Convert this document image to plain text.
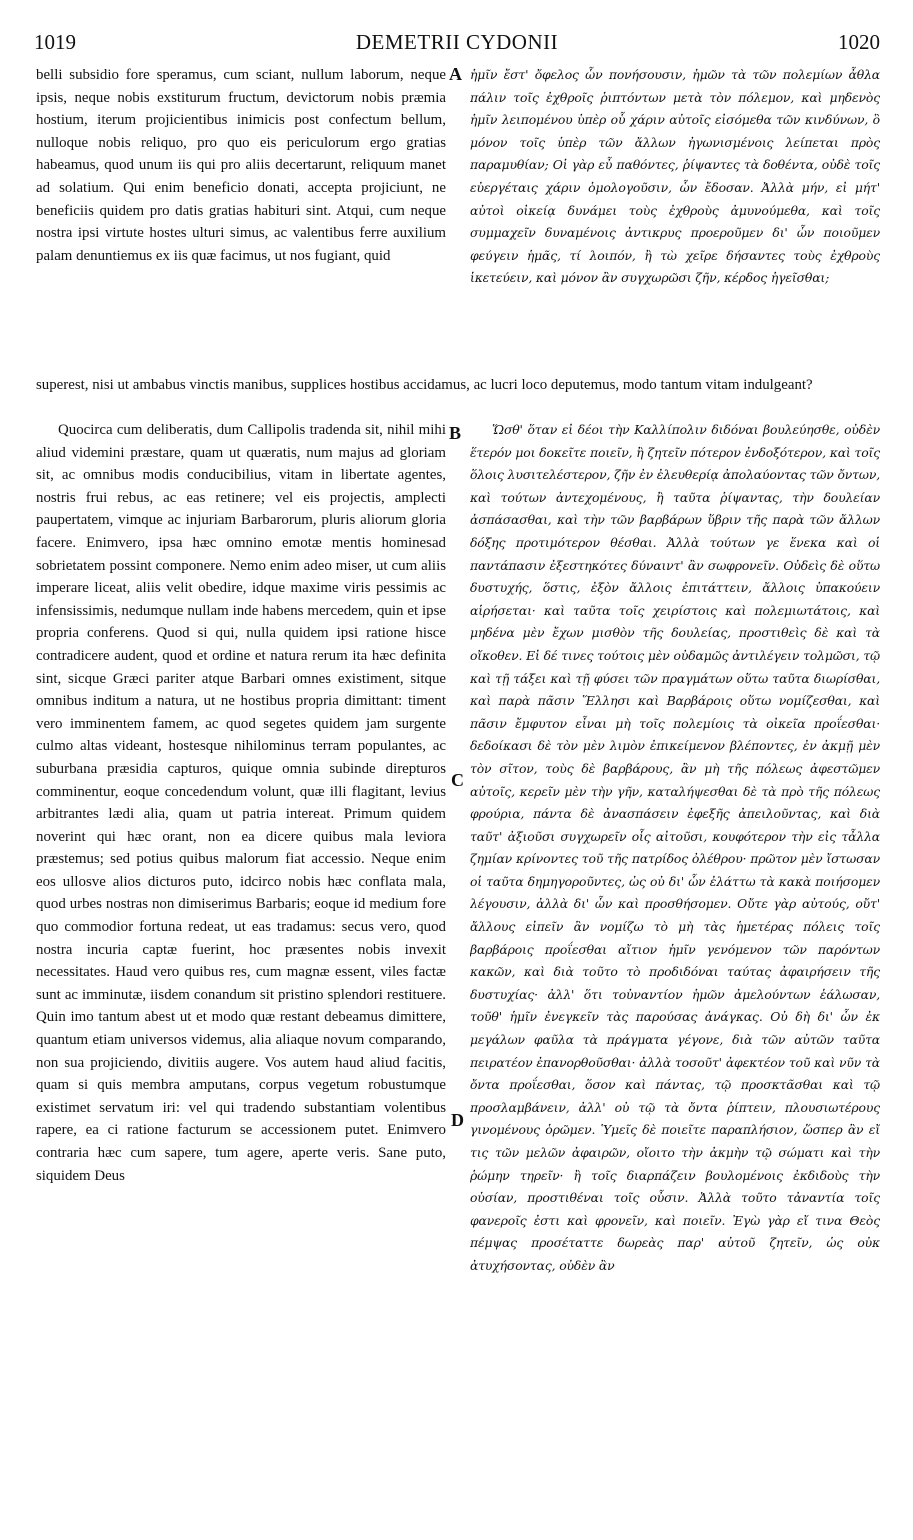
1019	DEMETRII CYDONII	1020
A
B
C
D

belli subsidio fore speramus, cum sciant, nullum laborum, neque ipsis, neque nobis exstiturum fructum, devictorum nobis præmia hostium, iterum projicientibus inimicis post confectum bellum, nulloque nobis reliquo, pro quo eis periculorum ergo gratias habeamus, quod unum iis qui pro aliis decertarunt, reliquum manet ad solatium. Qui enim beneficio donati, accepta projiciunt, ne beneficiis quidem pro datis gratias habituri sint. Atqui, cum neque nostra ipsi virtute hostes ulturi simus, ac valentibus ferre auxilium palam denuntiemus ex iis quæ facimus, ut nos fugiant, quid

ἡμῖν ἔστ' ὄφελος ὧν πονήσουσιν, ἡμῶν τὰ τῶν πολεμίων ἆθλα πάλιν τοῖς ἐχθροῖς ῥιπτόντων μετὰ τὸν πόλεμον, καὶ μηδενὸς ἡμῖν λειπομένου ὑπὲρ οὗ χάριν αὐτοῖς εἰσόμεθα τῶν κινδύνων, ὃ μόνον τοῖς ὑπὲρ τῶν ἄλλων ἠγωνισμένοις λείπεται πρὸς παραμυθίαν; Οἱ γὰρ εὖ παθόντες, ῥίψαντες τὰ δοθέντα, οὐδὲ τοῖς εὐεργέταις χάριν ὁμολογοῦσιν, ὧν ἔδοσαν. Ἀλλὰ μήν, εἰ μήτ' αὐτοὶ οἰκείᾳ δυνάμει τοὺς ἐχθροὺς ἀμυνούμεθα, καὶ τοῖς συμμαχεῖν δυναμένοις ἀντικρυς προεροῦμεν δι' ὧν ποιοῦμεν φεύγειν ἡμᾶς, τί λοιπόν, ἢ τὼ χεῖρε δήσαντες τοὺς ἐχθροὺς ἱκετεύειν, καὶ μόνον ἂν συγχωρῶσι ζῆν, κέρδος ἡγεῖσθαι;

superest, nisi ut ambabus vinctis manibus, supplices hostibus accidamus, ac lucri loco deputemus, modo tantum vitam indulgeant?

Quocirca cum deliberatis, dum Callipolis tradenda sit, nihil mihi aliud videmini præstare, quam ut quæratis, num majus ad gloriam sit, ac omnibus modis conducibilius, vitam in libertate agentes, nostris frui rebus, ac eas retinere; vel eis projectis, amplecti paupertatem, vimque ac injuriam Barbarorum, pluris aliorum gloria facere. Enimvero, ipsa hæc omnino emotæ mentis hominesad sobrietatem possint componere. Nemo enim adeo miser, ut cum aliis imperare liceat, aliis velit obedire, idque maxime viris pessimis ac infensissimis, nedumque nullam inde habens mercedem, quin et ipse propria conferens. Quod si qui, nulla quidem ipsi ratione hisce contradicere audent, quod et ordine et natura rerum ita hæc definita sint, sicque Græci pariter atque Barbari omnes existiment, sitque omnibus inditum a natura, ut ne hostibus propria dimittant: timent vero imminentem famem, ac quod segetes quidem jam surgente culmo altas videant, hostesque nihilominus terram populantes, ac suburbana præsidia capturos, quique omnia subinde direpturos comminentur, eoque concedendum volunt, quæ illi flagitant, levius arbitrantes lædi alia, quam ut patria intereat. Primum quidem noverint qui hæc orant, non ea dicere quibus mala leviora præstemus; sed potius quibus malorum fiat accessio. Neque enim eos ullosve alios dicturos puto, idcirco nobis hæc conflata mala, quod urbes nostras non dimiserimus Barbaris; eoque id medium fore quo commodior fortuna redeat, ut eas tradamus: secus vero, quod nostra incuria captæ fuerint, hoc præsentes nobis invexit necessitates. Haud vero quibus res, cum magnæ essent, viles factæ sunt ac imminutæ, iisdem conandum sit pristino splendori restituere. Quin imo tantum abest ut et modo quæ restant debeamus dimittere, quantum etiam universos videmus, alia aliaque novum comparando, non sua projiciendo, divitiis augere. Vos autem haud aliud facitis, quam si quis membra amputans, corpus vegetum robustumque existimet servatum iri: vel qui tradendo substantiam volentibus rapere, ea ci ratione facturum se accessionem putet. Enimvero contraria hæc cum sapere, tum agere, aperte veris. Sane puto, siquidem Deus

Ὥσθ' ὅταν εἰ δέοι τὴν Καλλίπολιν διδόναι βουλεύησθε, οὐδὲν ἕτερόν μοι δοκεῖτε ποιεῖν, ἢ ζητεῖν πότερον ἐνδοξότερον, καὶ τοῖς ὅλοις λυσιτελέστερον, ζῆν ἐν ἐλευθερίᾳ ἀπολαύοντας τῶν ὄντων, καὶ τούτων ἀντεχομένους, ἢ ταῦτα ῥίψαντας, τὴν δουλείαν ἀσπάσασθαι, καὶ τὴν τῶν βαρβάρων ὕβριν τῆς παρὰ τῶν ἄλλων δόξης προτιμότερον θέσθαι. Ἀλλὰ τούτων γε ἕνεκα καὶ οἱ παντάπασιν ἐξεστηκότες δύναιντ' ἂν σωφρονεῖν. Οὐδεὶς δὲ οὕτω δυστυχής, ὅστις, ἐξὸν ἄλλοις ἐπιτάττειν, ἄλλοις ὑπακούειν αἱρήσεται· καὶ ταῦτα τοῖς χειρίστοις καὶ πολεμιωτάτοις, καὶ μηδένα μὲν ἔχων μισθὸν τῆς δουλείας, προστιθεὶς δὲ καὶ τὰ οἴκοθεν. Εἰ δέ τινες τούτοις μὲν οὐδαμῶς ἀντιλέγειν τολμῶσι, τῷ καὶ τῇ τάξει καὶ τῇ φύσει τῶν πραγμάτων οὕτω ταῦτα διωρίσθαι, καὶ παρὰ πᾶσιν Ἕλλησι καὶ Βαρβάροις οὕτω νομίζεσθαι, καὶ πᾶσιν ἔμφυτον εἶναι μὴ τοῖς πολεμίοις τὰ οἰκεῖα προΐεσθαι· δεδοίκασι δὲ τὸν μὲν λιμὸν ἐπικείμενον βλέποντες, ἐν ἀκμῇ μὲν τὸν σῖτον, τοὺς δὲ βαρβάρους, ἂν μὴ τῆς πόλεως ἀφεστῶμεν αὐτοῖς, κερεῖν μὲν τὴν γῆν, καταλήψεσθαι δὲ τὰ πρὸ τῆς πόλεως φρούρια, πάντα δὲ ἀνασπάσειν ἐφεξῆς ἀπειλοῦντας, καὶ διὰ ταῦτ' ἀξιοῦσι συγχωρεῖν οἷς αἰτοῦσι, κουφότερον τὴν εἰς τἆλλα ζημίαν κρίνοντες τοῦ τῆς πατρίδος ὀλέθρου· πρῶτον μὲν ἴστωσαν οἱ ταῦτα δημηγοροῦντες, ὡς οὐ δι' ὧν ἐλάττω τὰ κακὰ ποιήσομεν λέγουσιν, ἀλλὰ δι' ὧν καὶ προσθήσομεν. Οὔτε γὰρ αὐτούς, οὔτ' ἄλλους εἰπεῖν ἂν νομίζω τὸ μὴ τὰς ἡμετέρας πόλεις τοῖς βαρβάροις προΐεσθαι αἴτιον ἡμῖν γενόμενον τῶν παρόντων κακῶν, καὶ διὰ τοῦτο τὸ προδιδόναι ταύτας ἀφαιρήσειν τῆς δυστυχίας· ἀλλ' ὅτι τοὐναντίον ἡμῶν ἀμελούντων ἑάλωσαν, τοῦθ' ἡμῖν ἐνεγκεῖν τὰς παρούσας ἀνάγκας. Οὐ δὴ δι' ὧν ἐκ μεγάλων φαῦλα τὰ πράγματα γέγονε, διὰ τῶν αὐτῶν ταῦτα πειρατέον ἐπανορθοῦσθαι· ἀλλὰ τοσοῦτ' ἀφεκτέον τοῦ καὶ νῦν τὰ ὄντα προΐεσθαι, ὅσον καὶ πάντας, τῷ προσκτᾶσθαι καὶ τῷ προσλαμβάνειν, ἀλλ' οὐ τῷ τὰ ὄντα ῥίπτειν, πλουσιωτέρους γινομένους ὁρῶμεν. Ὑμεῖς δὲ ποιεῖτε παραπλήσιον, ὥσπερ ἂν εἴ τις τῶν μελῶν ἀφαιρῶν, οἴοιτο τὴν ἀκμὴν τῷ σώματι καὶ τὴν ῥώμην τηρεῖν· ἢ τοῖς διαρπάζειν βουλομένοις ἐκδιδοὺς τὴν οὐσίαν, προστιθέναι τοῖς οὖσιν. Ἀλλὰ τοῦτο τἀναντία τοῖς φανεροῖς ἐστι καὶ φρονεῖν, καὶ ποιεῖν. Ἐγὼ γὰρ εἴ τινα Θεὸς πέμψας προσέταττε δωρεὰς παρ' αὐτοῦ ζητεῖν, ὡς οὐκ ἀτυχήσοντας, οὐδὲν ἂν
